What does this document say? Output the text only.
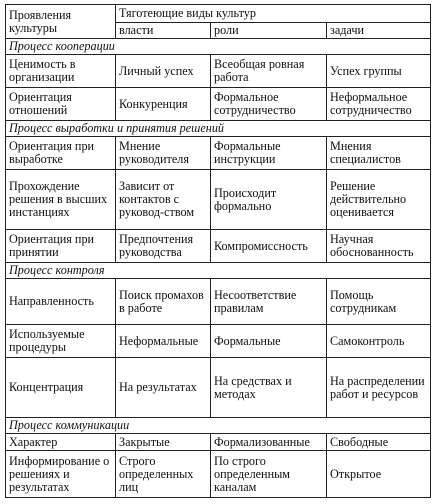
Проявления культуры	Тяготеющие виды культур		
	власти	роли	задачи
Процесс кооперации			
Ценимость в организации	Личный успех	Всеобщая ровная работа	Успех группы
Ориентация отношений	Конкуренция	Формальное сотрудничество	Неформальное сотрудничество
Процесс выработки и принятия решений			
Ориентация при выработке	Мнение руководителя	Формальные инструкции	Мнения специалистов
Прохождение решения в высших инстанциях	Зависит от контактов с руковод-ством	Происходит формально	Решение действительно оценивается
Ориентация при принятии	Предпочтения руководства	Компромиссность	Научная обоснованность
Процесс контроля			
Направленность	Поиск промахов в работе	Несоответствие правилам	Помощь сотрудникам
Используемые процедуры	Неформальные	Формальные	Самоконтроль
Концентрация	На результатах	На средствах и методах	На распределении работ и ресурсов
Процесс коммуникации			
Характер	Закрытые	Формализованные	Свободные
Информирование о решениях и результатах	Строго определенных лиц	По строго определенным каналам	Открытое
